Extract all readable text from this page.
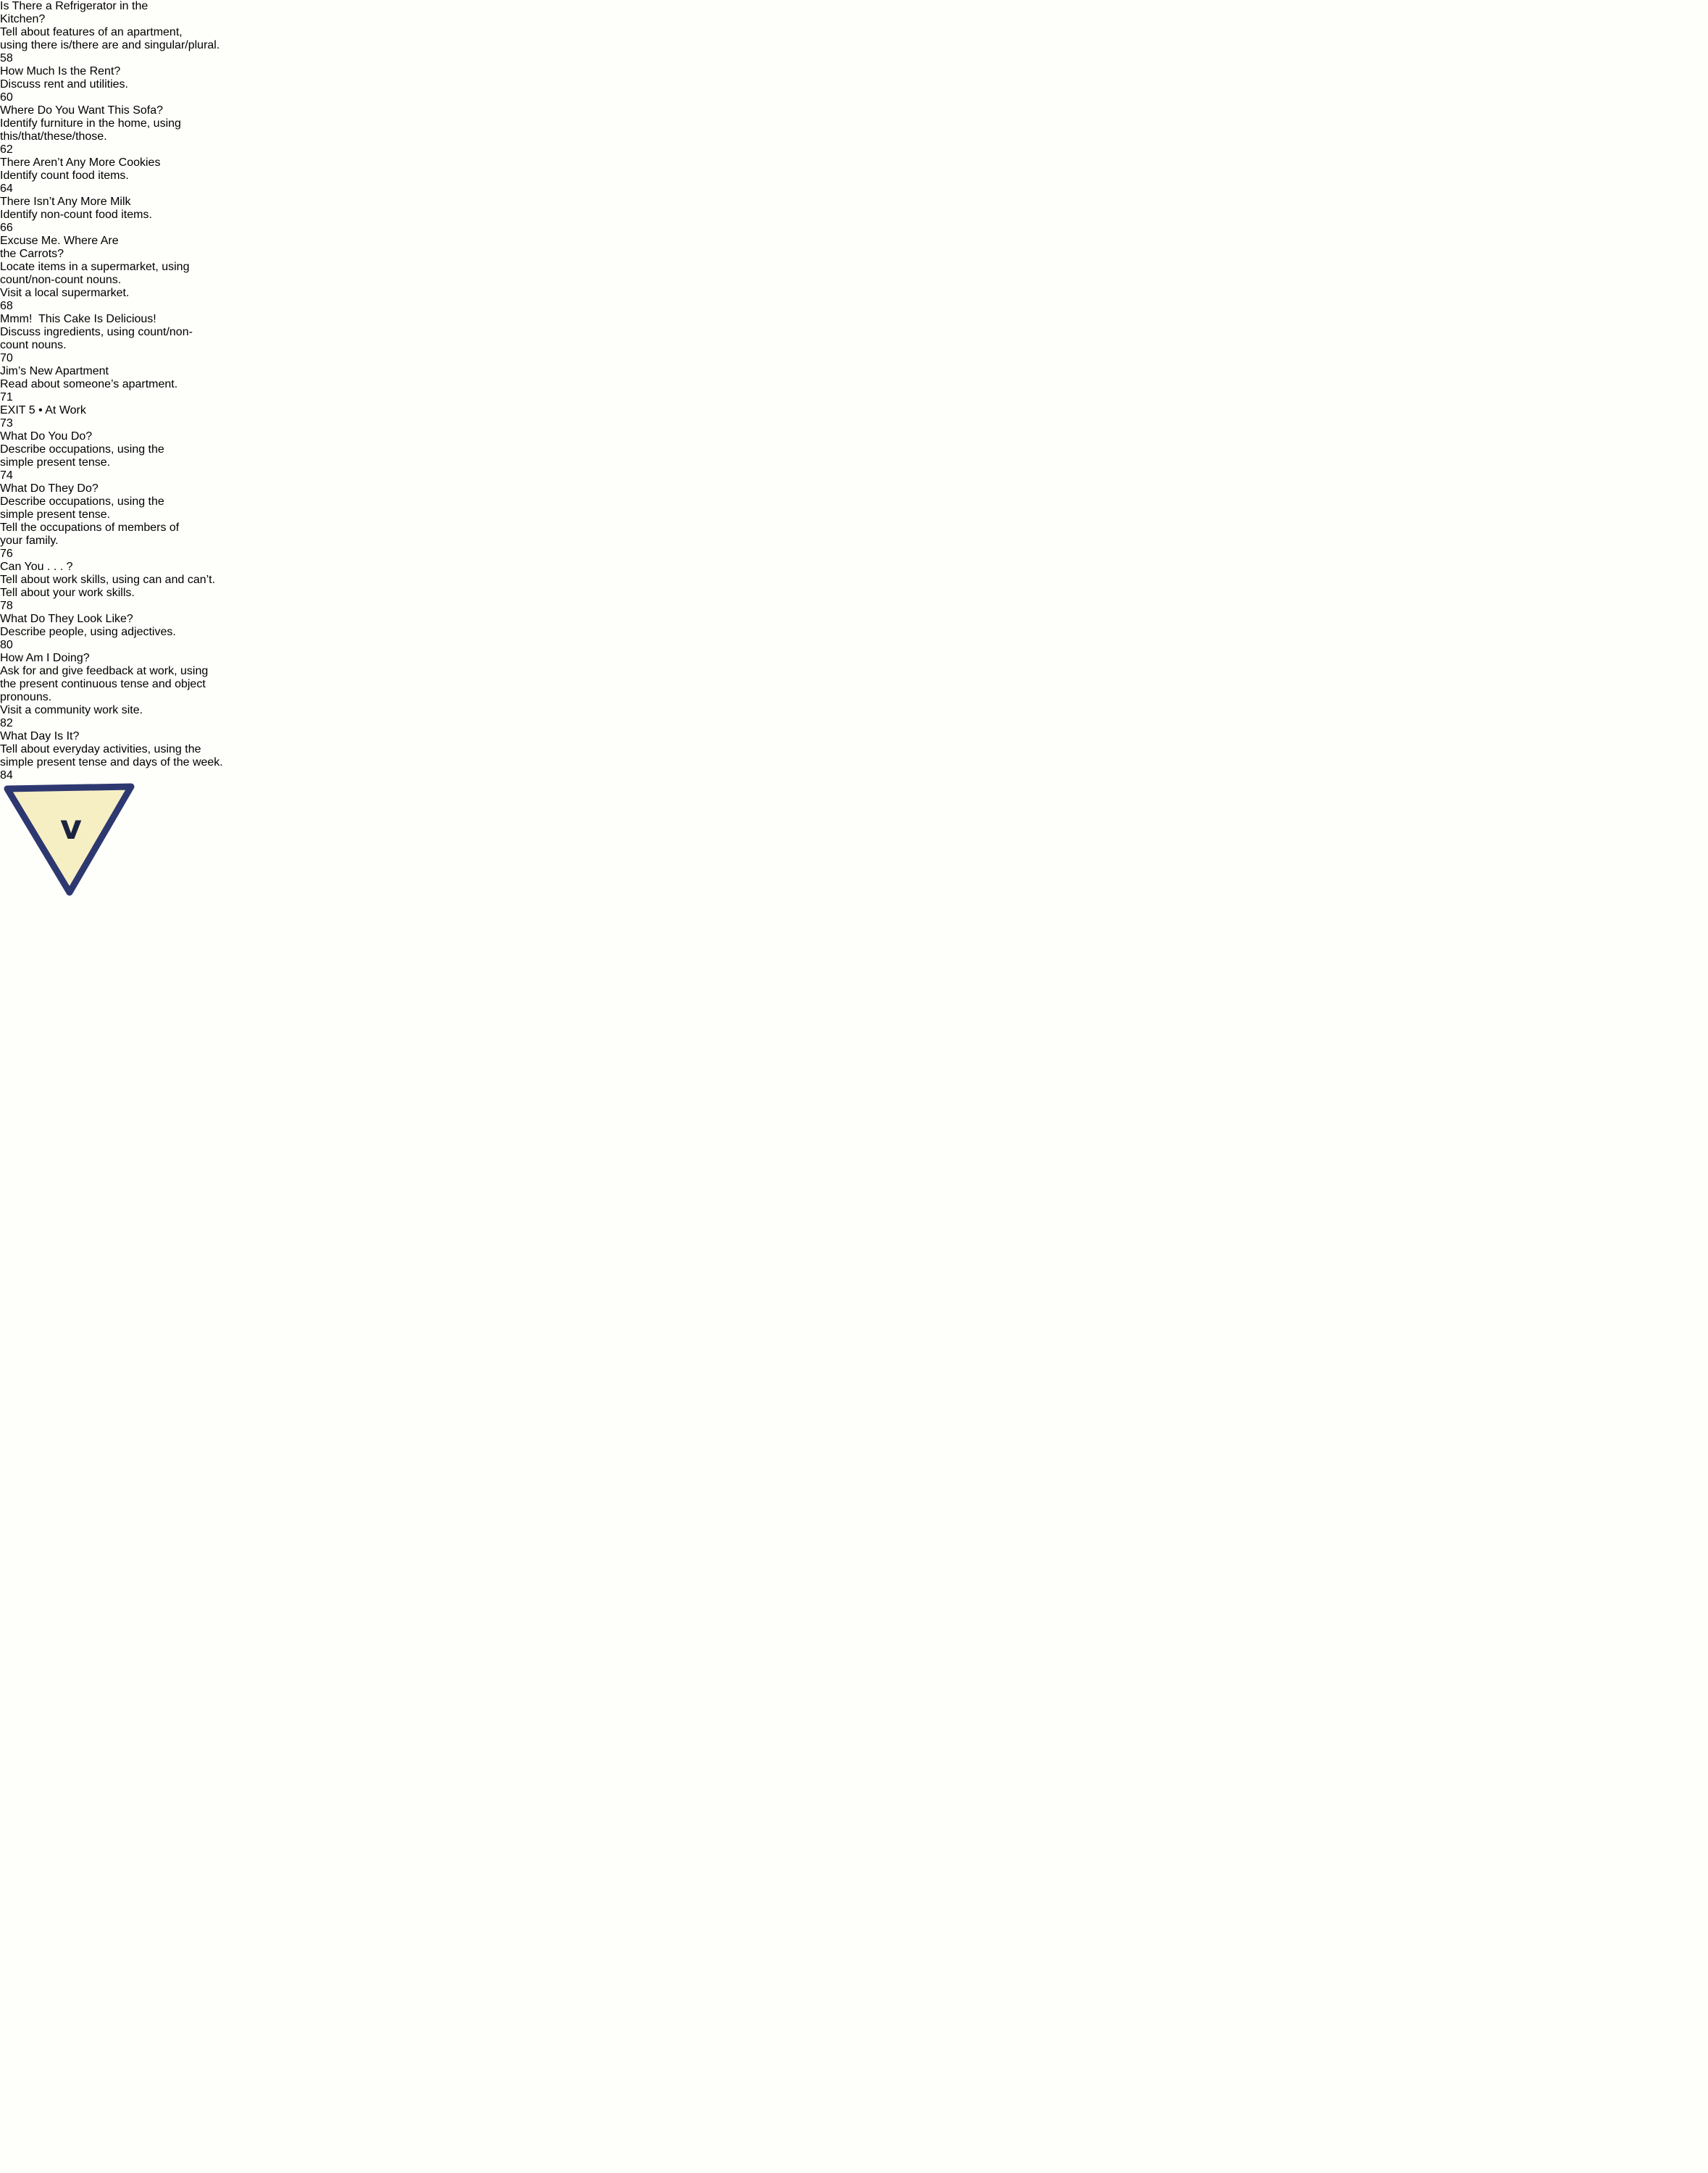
Is There a Refrigerator in the
Kitchen?
Tell about features of an apartment,
using there is/there are and singular/plural.
58
How Much Is the Rent?
Discuss rent and utilities.
60
Where Do You Want This Sofa?
Identify furniture in the home, using
this/that/these/those.
62
There Aren’t Any More Cookies
Identify count food items.
64
There Isn’t Any More Milk
Identify non-count food items.
66
Excuse Me. Where Are
the Carrots?
Locate items in a supermarket, using
count/non-count nouns.
Visit a local supermarket.
68
Mmm!  This Cake Is Delicious!
Discuss ingredients, using count/non-
count nouns.
70
Jim’s New Apartment
Read about someone’s apartment.
71
EXIT 5 • At Work
73
What Do You Do?
Describe occupations, using the
simple present tense.
74
What Do They Do?
Describe occupations, using the
simple present tense.
Tell the occupations of members of
your family.
76
Can You . . . ?
Tell about work skills, using can and can’t.
Tell about your work skills.
78
What Do They Look Like?
Describe people, using adjectives.
80
How Am I Doing?
Ask for and give feedback at work, using
the present continuous tense and object
pronouns.
Visit a community work site.
82
What Day Is It?
Tell about everyday activities, using the
simple present tense and days of the week.
84
v
